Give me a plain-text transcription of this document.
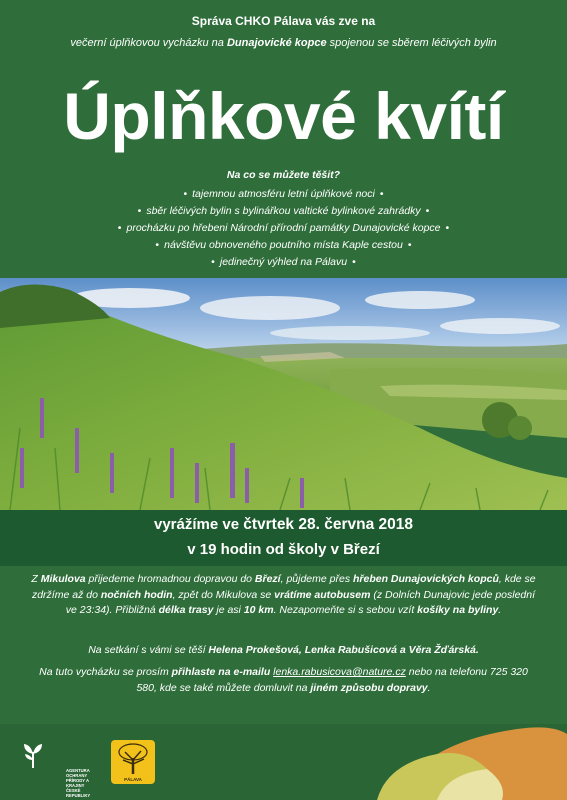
Správa CHKO Pálava vás zve na
večerní úplňkovou vycházku na Dunajovické kopce spojenou se sběrem léčivých bylin
Úplňkové kvítí
Na co se můžete těšit?
• tajemnou atmosféru letní úplňkové noci •
• sběr léčivých bylin s bylinářkou valtické bylinkové zahrádky •
• procházku po hřebeni Národní přírodní památky Dunajovické kopce •
• návštěvu obnoveného poutního místa Kaple cestou •
• jedinečný výhled na Pálavu •
vyrážíme ve čtvrtek 28. června 2018
v 19 hodin od školy v Březí
Z Mikulova přijedeme hromadnou dopravou do Březí, půjdeme přes hřeben Dunajovických kopců, kde se zdržíme až do nočních hodin, zpět do Mikulova se vrátíme autobusem (z Dolních Dunajovic jede poslední ve 23:34). Přibližná délka trasy je asi 10 km. Nezapomeňte si s sebou vzít košíky na byliny.
Na setkání s vámi se těší Helena Prokešová, Lenka Rabušicová a Věra Žďárská.
Na tuto vycházku se prosím přihlaste na e-mailu lenka.rabusicova@nature.cz nebo na telefonu 725 320 580, kde se také můžete domluvit na jiném způsobu dopravy.
AGENTURA OCHRANY
PŘÍRODY A KRAJINY
ČESKÉ REPUBLIKY
PÁLAVA
